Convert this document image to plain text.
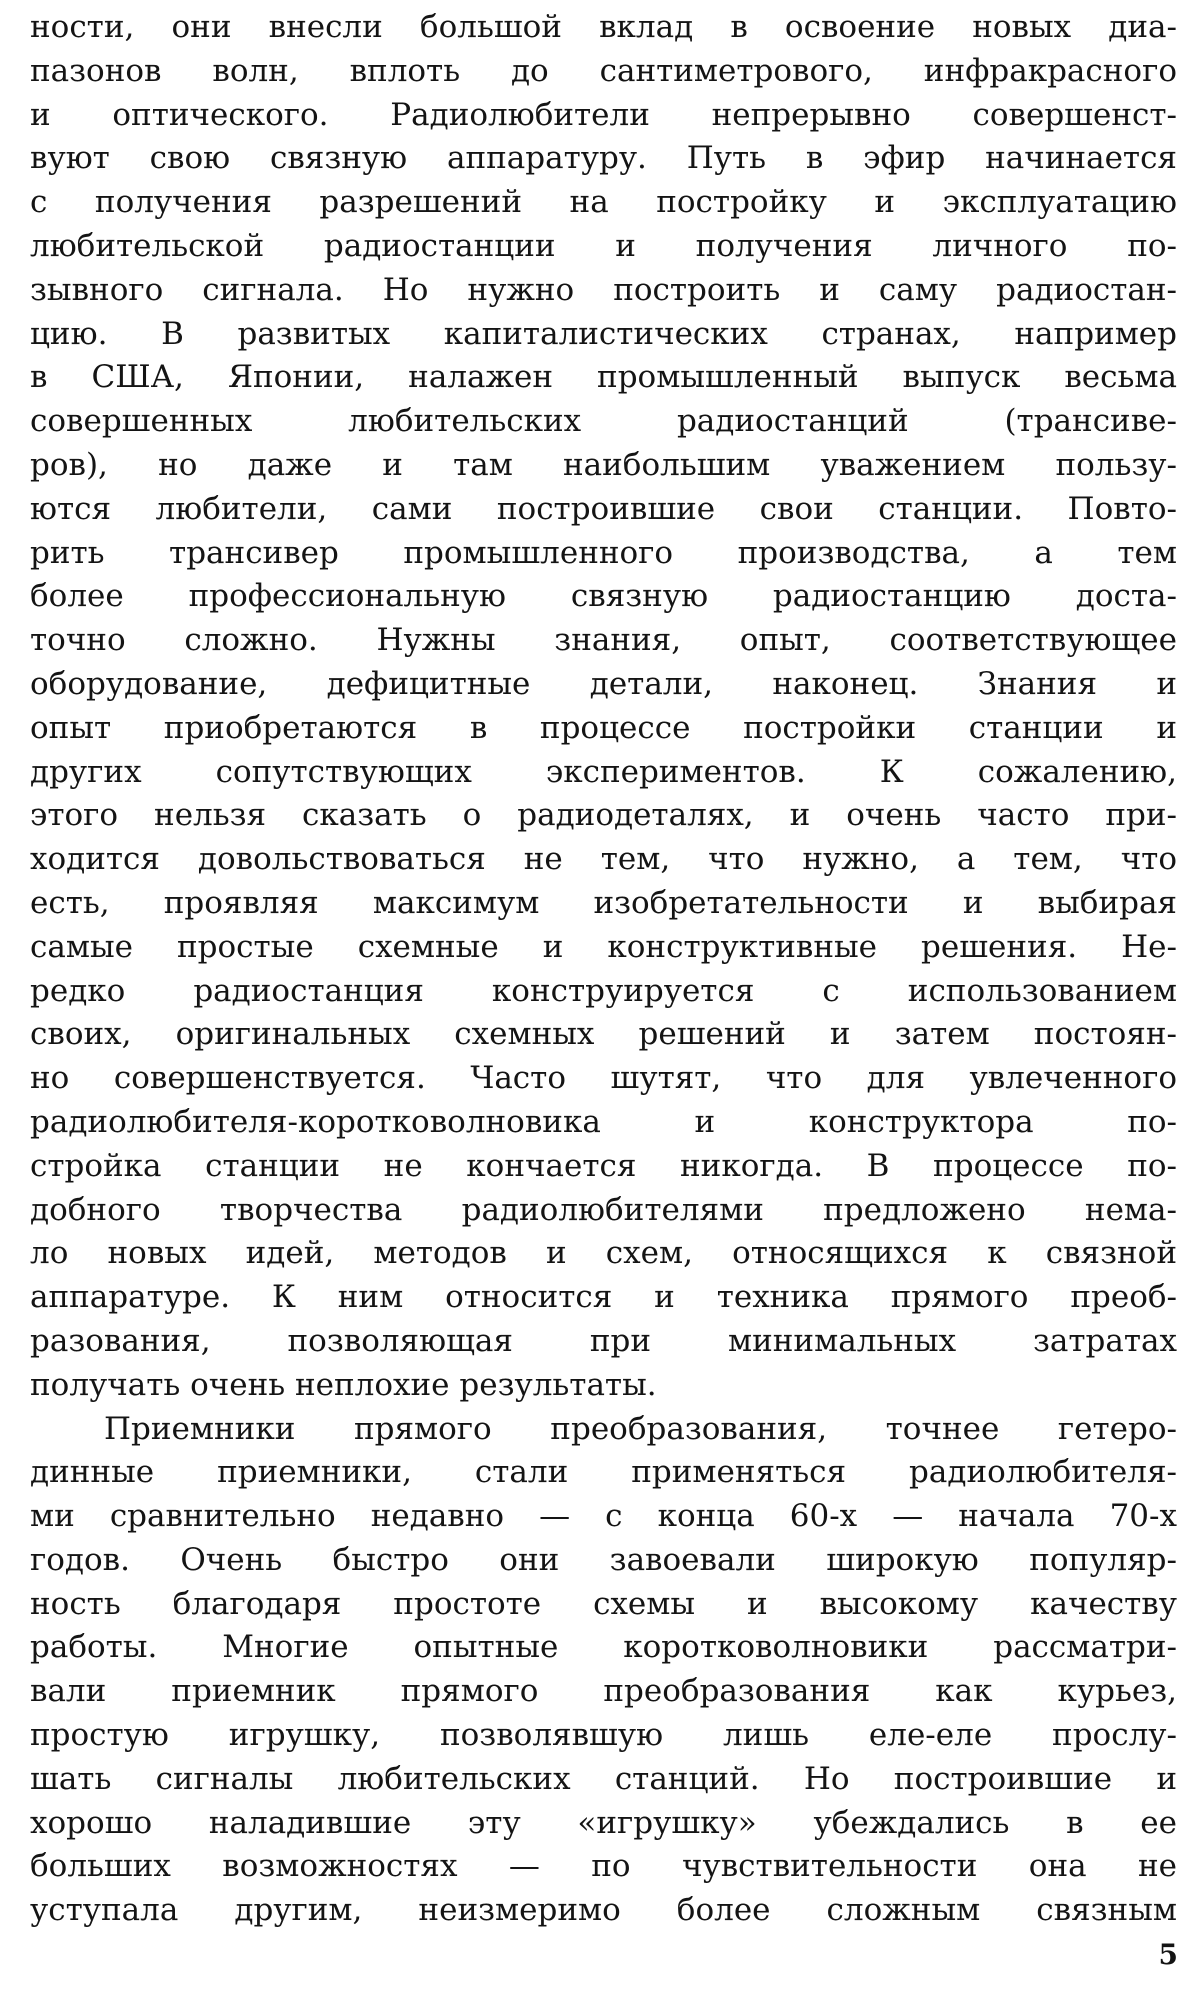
ности, они внесли большой вклад в освоение новых диа-
пазонов волн, вплоть до сантиметрового, инфракрасного
и оптического. Радиолюбители непрерывно совершенст-
вуют свою связную аппаратуру. Путь в эфир начинается
с получения разрешений на постройку и эксплуатацию
любительской радиостанции и получения личного по-
зывного сигнала. Но нужно построить и саму радиостан-
цию. В развитых капиталистических странах, например
в США, Японии, налажен промышленный выпуск весьма
совершенных любительских радиостанций (трансиве-
ров), но даже и там наибольшим уважением пользу-
ются любители, сами построившие свои станции. Повто-
рить трансивер промышленного производства, а тем
более профессиональную связную радиостанцию доста-
точно сложно. Нужны знания, опыт, соответствующее
оборудование, дефицитные детали, наконец. Знания и
опыт приобретаются в процессе постройки станции и
других сопутствующих экспериментов. К сожалению,
этого нельзя сказать о радиодеталях, и очень часто при-
ходится довольствоваться не тем, что нужно, а тем, что
есть, проявляя максимум изобретательности и выбирая
самые простые схемные и конструктивные решения. Не-
редко радиостанция конструируется с использованием
своих, оригинальных схемных решений и затем постоян-
но совершенствуется. Часто шутят, что для увлеченного
радиолюбителя-коротковолновика и конструктора по-
стройка станции не кончается никогда. В процессе по-
добного творчества радиолюбителями предложено нема-
ло новых идей, методов и схем, относящихся к связной
аппаратуре. К ним относится и техника прямого преоб-
разования, позволяющая при минимальных затратах
получать очень неплохие результаты.
Приемники прямого преобразования, точнее гетеро-
динные приемники, стали применяться радиолюбителя-
ми сравнительно недавно — с конца 60-х — начала 70-х
годов. Очень быстро они завоевали широкую популяр-
ность благодаря простоте схемы и высокому качеству
работы. Многие опытные коротковолновики рассматри-
вали приемник прямого преобразования как курьез,
простую игрушку, позволявшую лишь еле-еле прослу-
шать сигналы любительских станций. Но построившие и
хорошо наладившие эту «игрушку» убеждались в ее
больших возможностях — по чувствительности она не
уступала другим, неизмеримо более сложным связным
5
